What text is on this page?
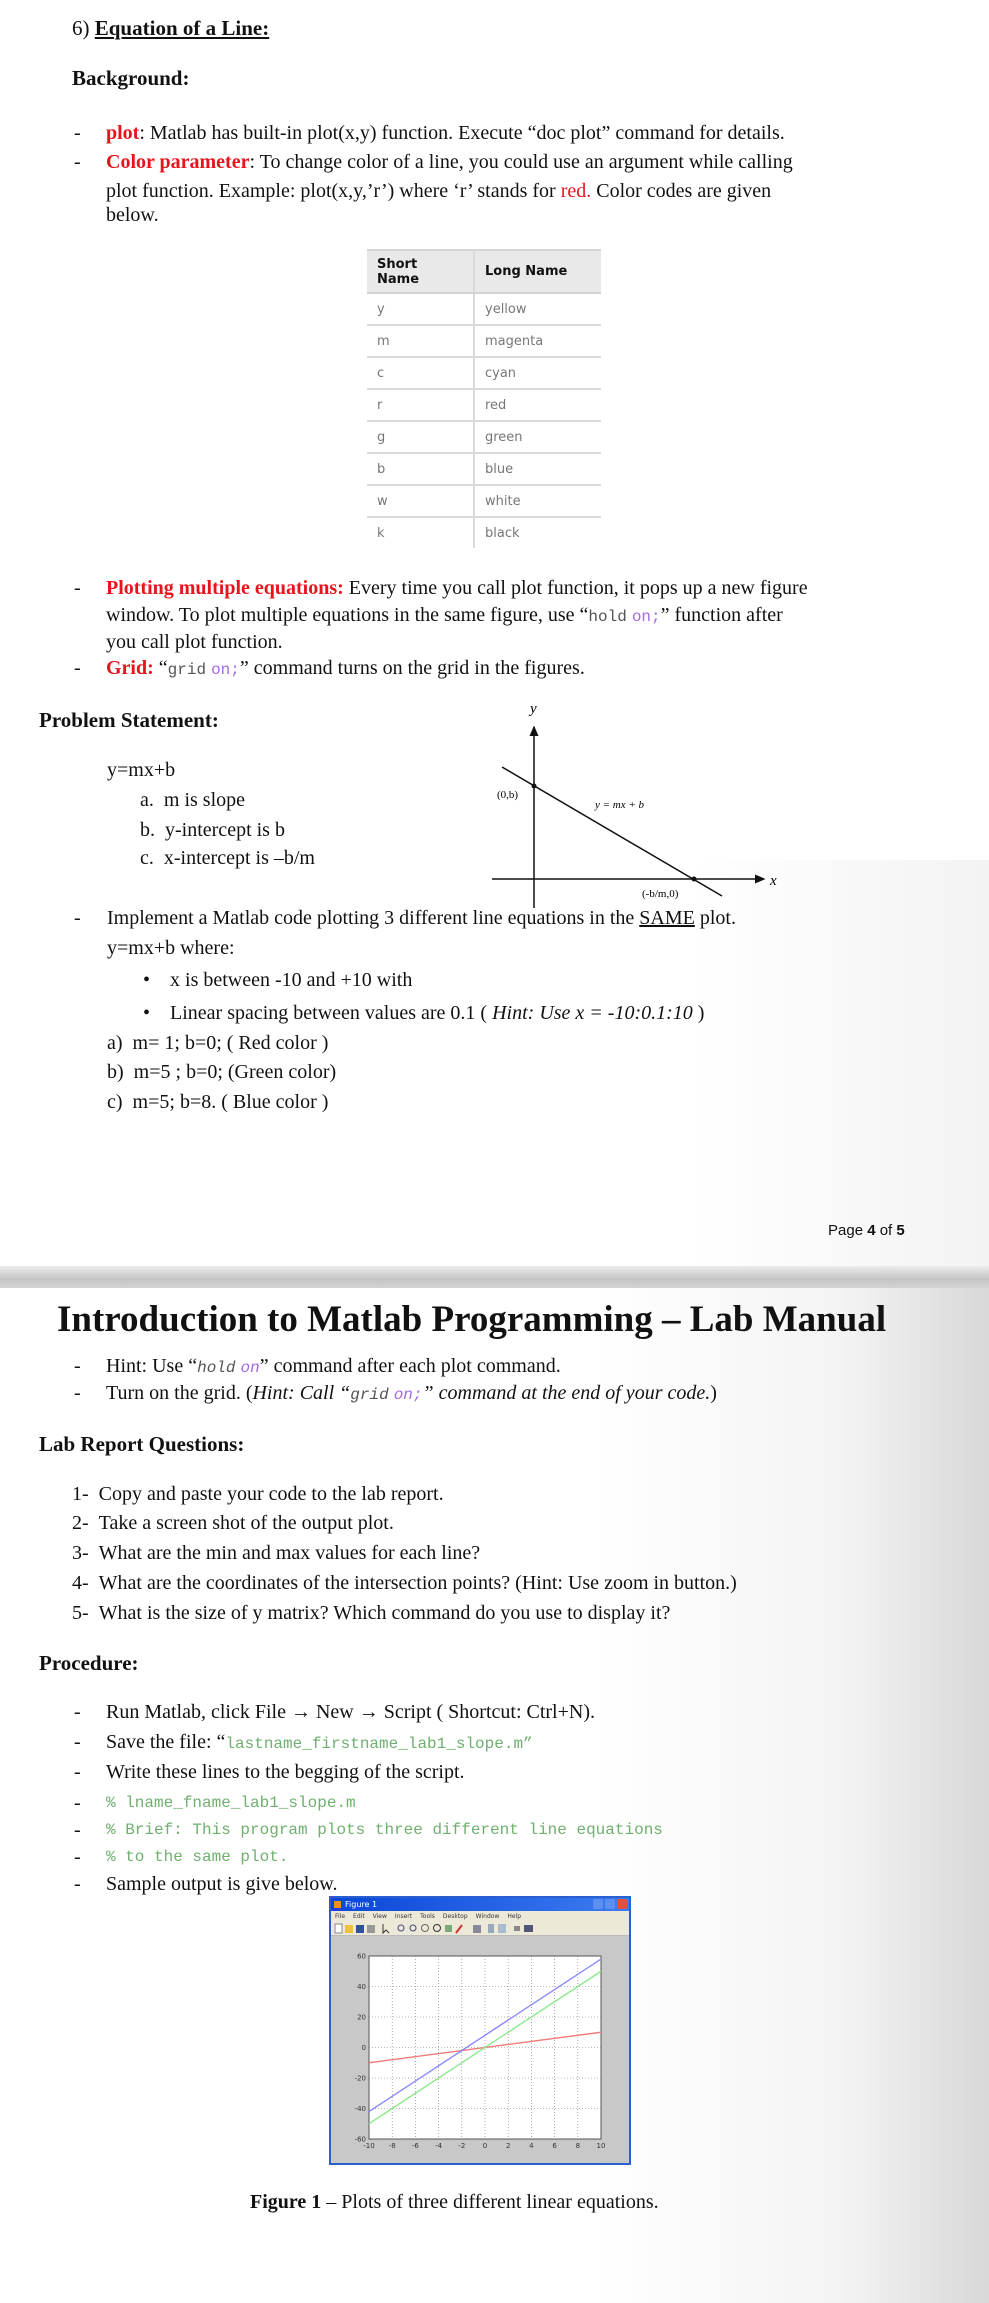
6) Equation of a Line:
Background:
- plot: Matlab has built-in plot(x,y) function. Execute “doc plot” command for details.
- Color parameter: To change color of a line, you could use an argument while calling
plot function. Example: plot(x,y,’r’) where ‘r’ stands for red. Color codes are given
below.
Short Name	Long Name
y	yellow
m	magenta
c	cyan
r	red
g	green
b	blue
w	white
k	black
- Plotting multiple equations: Every time you call plot function, it pops up a new figure
window. To plot multiple equations in the same figure, use “hold on;” function after
you call plot function.
- Grid: “grid on;” command turns on the grid in the figures.
Problem Statement:
y=mx+b
a. m is slope
b. y-intercept is b
c. x-intercept is –b/m
y
x
(0,b)
y = mx + b
(-b/m,0)
- Implement a Matlab code plotting 3 different line equations in the SAME plot.
y=mx+b where:
•    x is between -10 and +10 with
•    Linear spacing between values are 0.1 ( Hint: Use x = -10:0.1:10 )
a) m= 1; b=0; ( Red color )
b) m=5 ; b=0; (Green color)
c) m=5; b=8. ( Blue color )
Page 4 of 5
Introduction to Matlab Programming – Lab Manual
- Hint: Use “hold on” command after each plot command.
- Turn on the grid. (Hint: Call “grid on;” command at the end of your code.)
Lab Report Questions:
1- Copy and paste your code to the lab report.
2- Take a screen shot of the output plot.
3- What are the min and max values for each line?
4- What are the coordinates of the intersection points? (Hint: Use zoom in button.)
5- What is the size of y matrix? Which command do you use to display it?
Procedure:
- Run Matlab, click File → New → Script ( Shortcut: Ctrl+N).
- Save the file: “lastname_firstname_lab1_slope.m”
- Write these lines to the begging of the script.
- % lname_fname_lab1_slope.m
- % Brief: This program plots three different line equations
- % to the same plot.
- Sample output is give below.
Figure 1
File Edit View Insert Tools Desktop Window Help
-10 -8 -6 -4 -2 0	2	4	6	8 10
-60
-40
-20
0
20
40
60
Figure 1 – Plots of three different linear equations.
